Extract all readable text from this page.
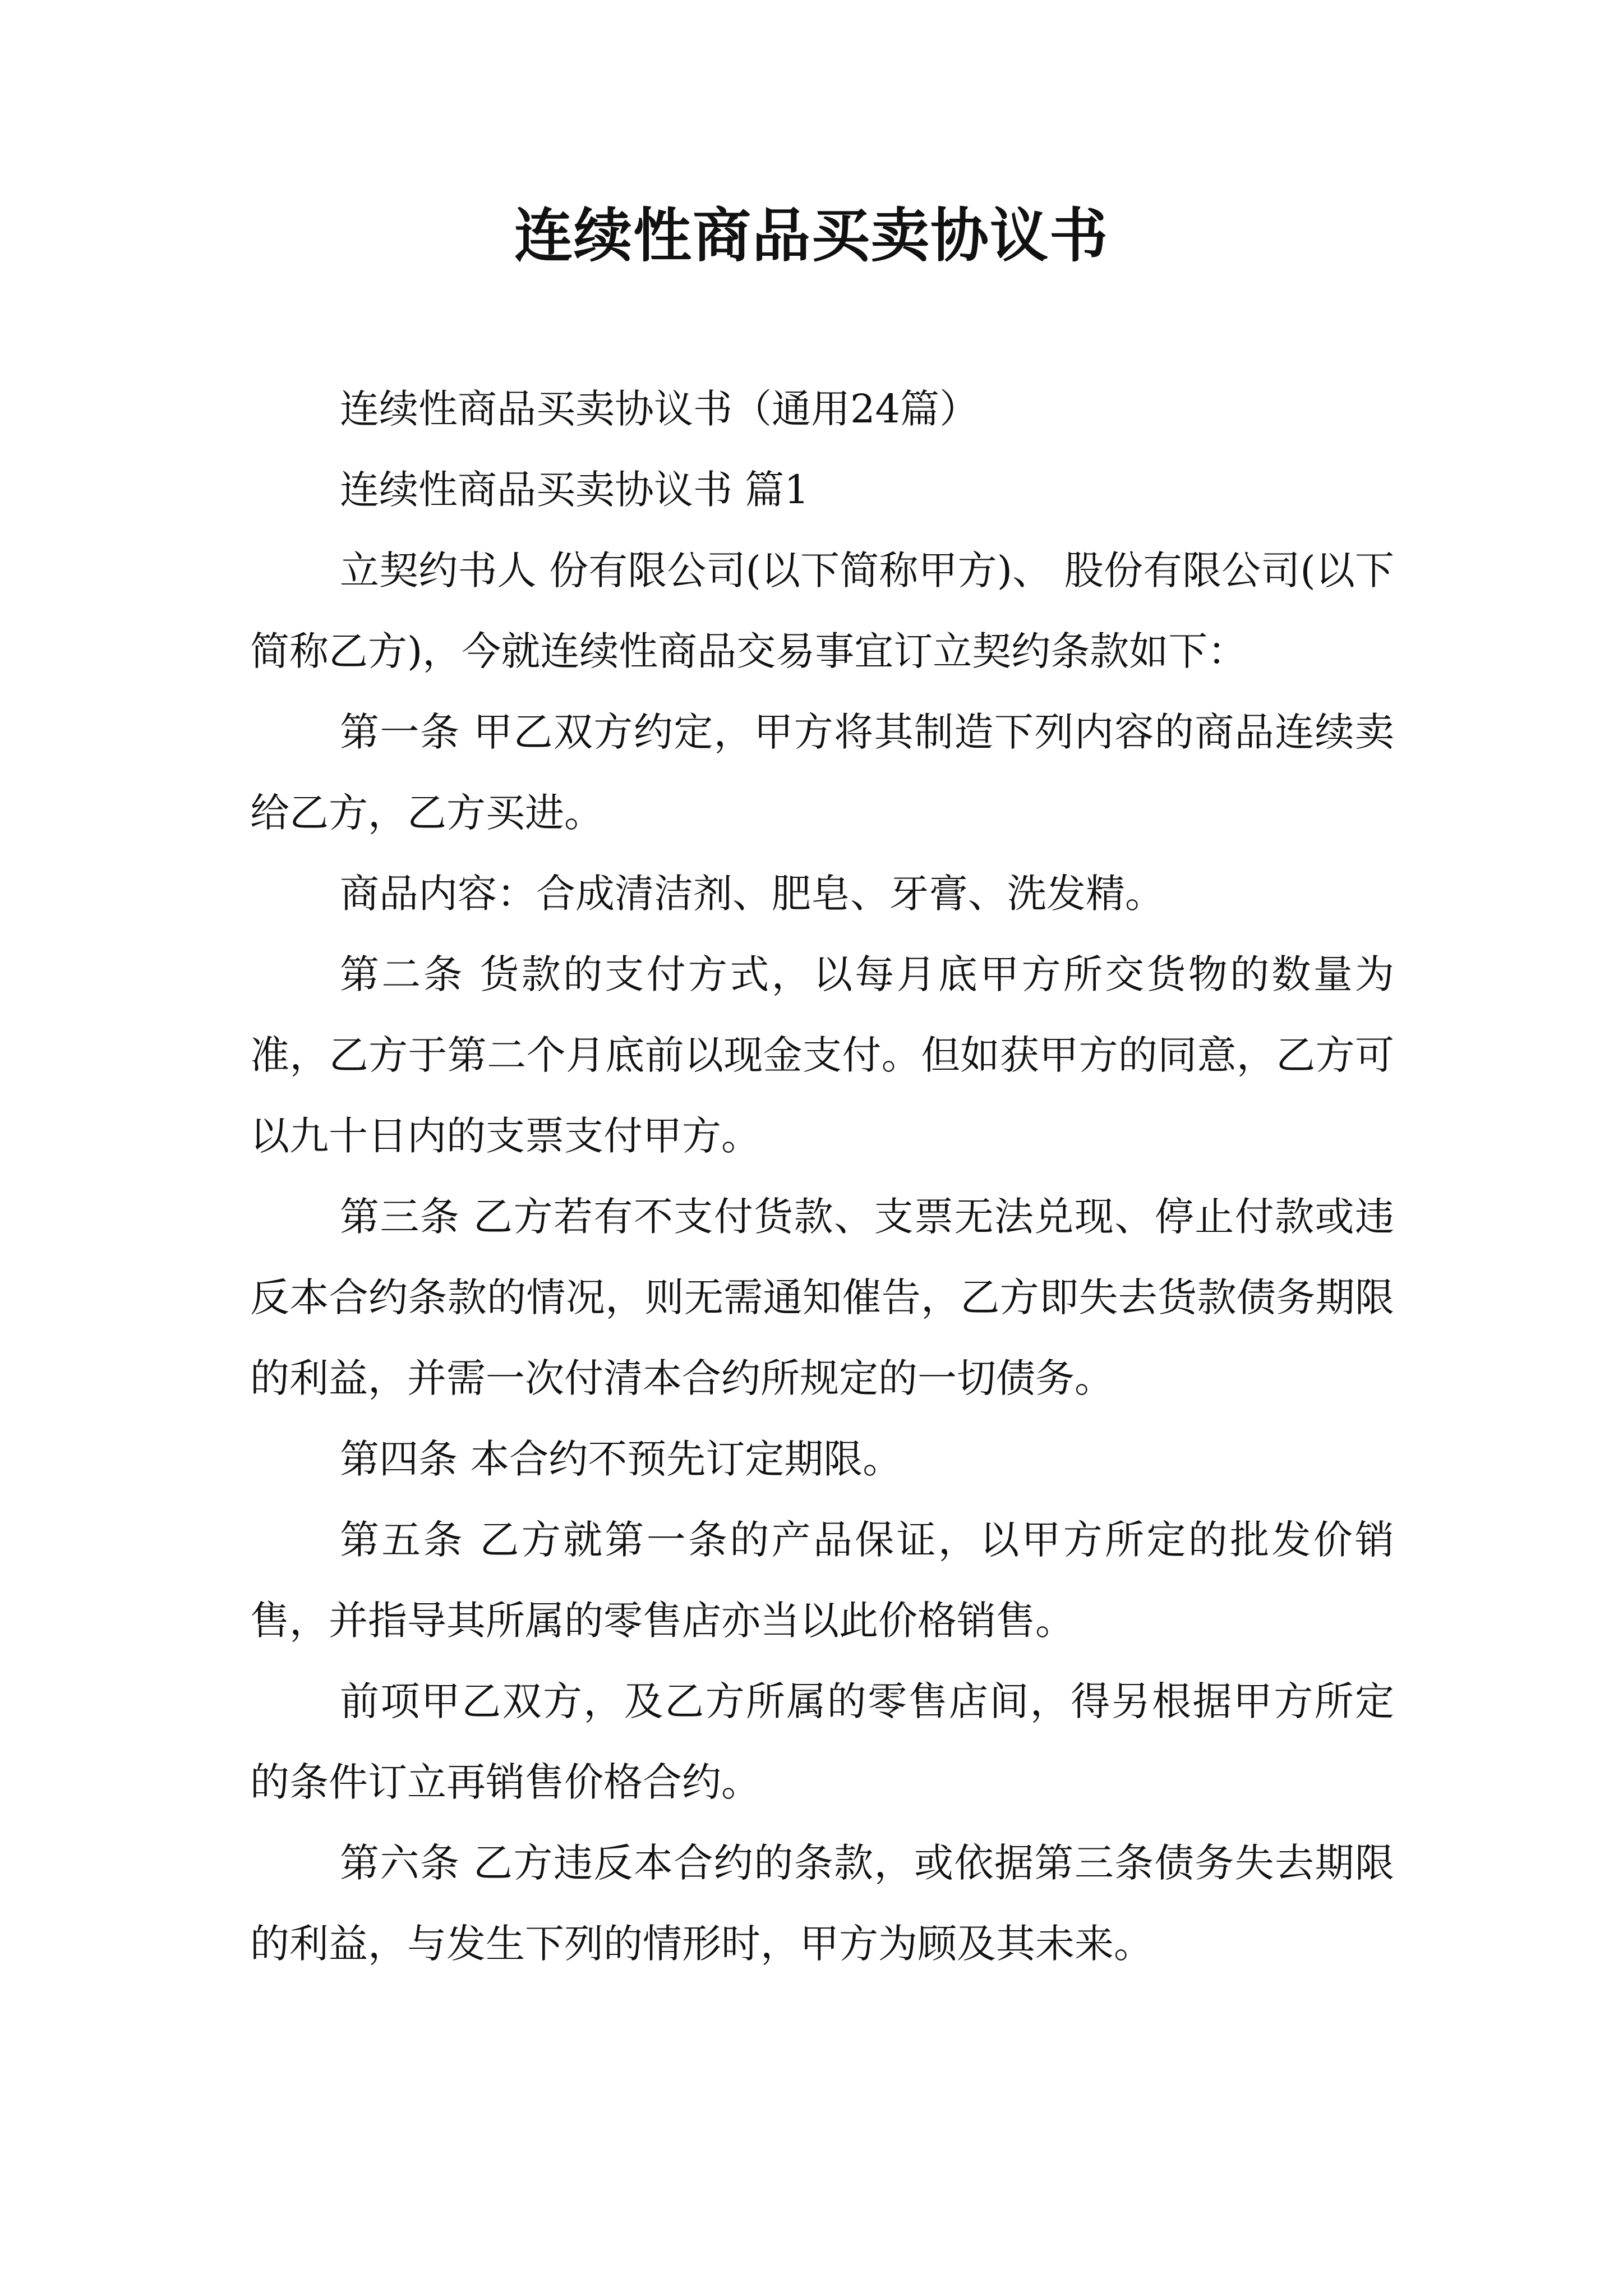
连续性商品买卖协议书

连续性商品买卖协议书（通用24篇）

连续性商品买卖协议书 篇1

立契约书人 份有限公司(以下简称甲方)、 股份有限公司(以下简称乙方)，今就连续性商品交易事宜订立契约条款如下：

第一条 甲乙双方约定，甲方将其制造下列内容的商品连续卖给乙方，乙方买进。

商品内容：合成清洁剂、肥皂、牙膏、洗发精。

第二条 货款的支付方式，以每月底甲方所交货物的数量为准，乙方于第二个月底前以现金支付。但如获甲方的同意，乙方可以九十日内的支票支付甲方。

第三条 乙方若有不支付货款、支票无法兑现、停止付款或违反本合约条款的情况，则无需通知催告，乙方即失去货款债务期限的利益，并需一次付清本合约所规定的一切债务。

第四条 本合约不预先订定期限。

第五条 乙方就第一条的产品保证，以甲方所定的批发价销售，并指导其所属的零售店亦当以此价格销售。

前项甲乙双方，及乙方所属的零售店间，得另根据甲方所定的条件订立再销售价格合约。

第六条 乙方违反本合约的条款，或依据第三条债务失去期限的利益，与发生下列的情形时，甲方为顾及其未来。
